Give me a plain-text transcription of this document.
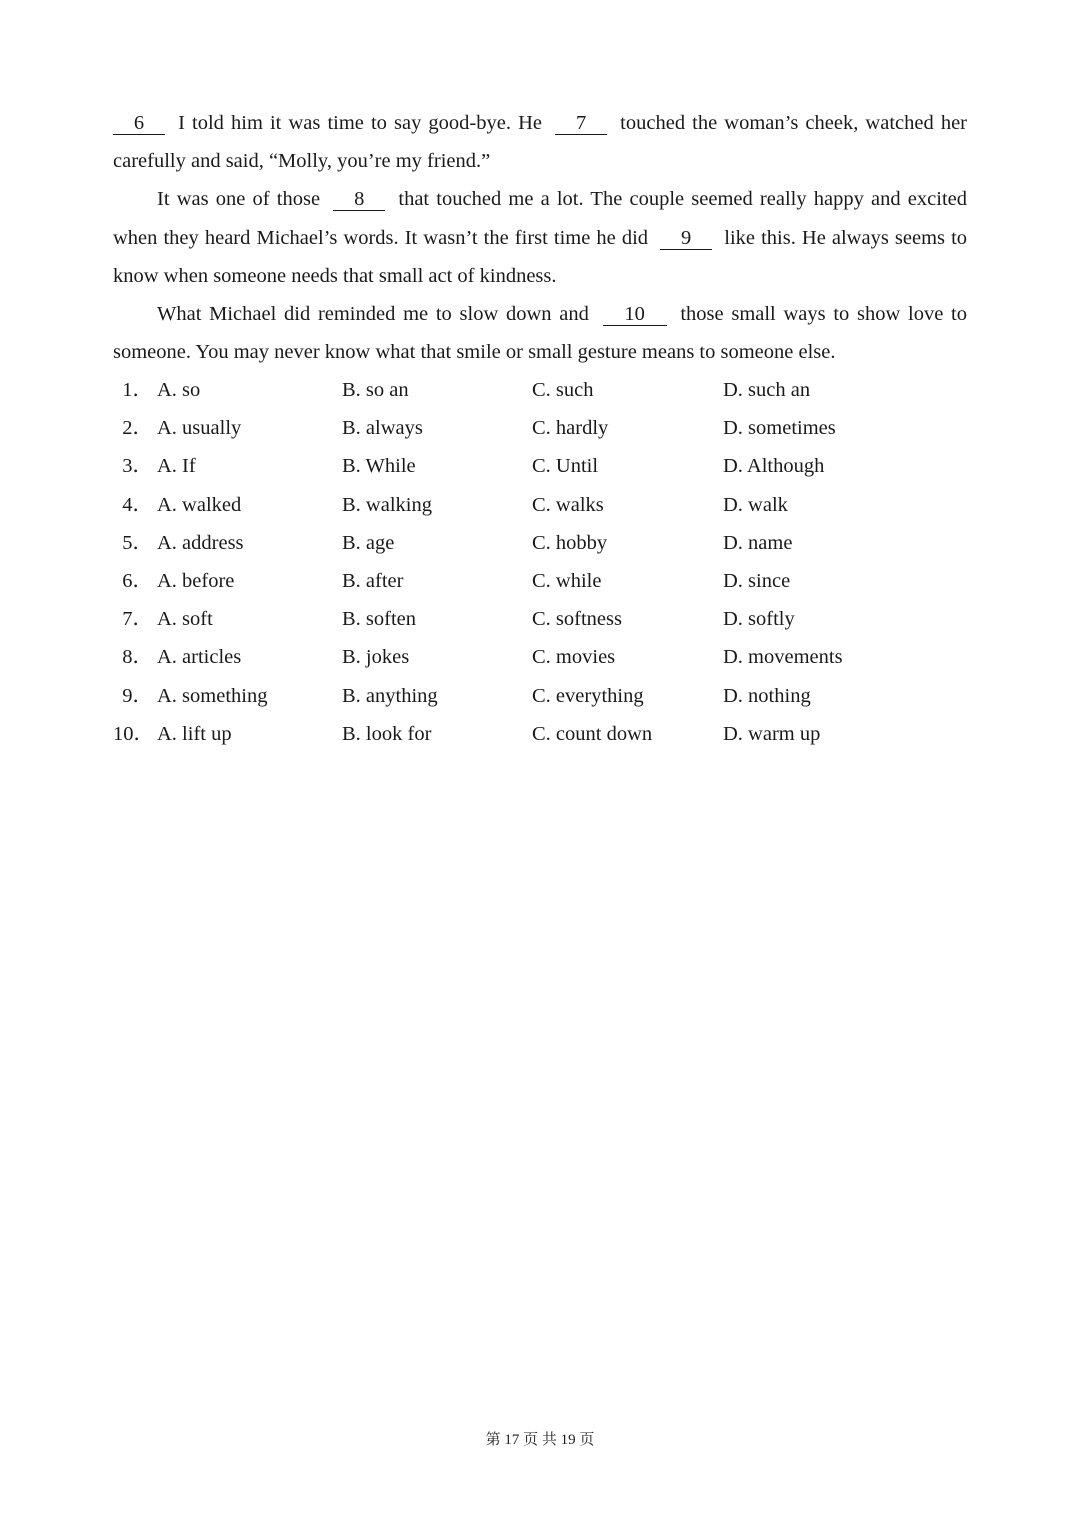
6 I told him it was time to say good-bye. He 7 touched the woman’s cheek, watched her carefully and said, “Molly, you’re my friend.”

It was one of those 8 that touched me a lot. The couple seemed really happy and excited when they heard Michael’s words. It wasn’t the first time he did 9 like this. He always seems to know when someone needs that small act of kindness.

What Michael did reminded me to slow down and 10 those small ways to show love to someone. You may never know what that smile or small gesture means to someone else.

1． A. so	B. so an	C. such	D. such an
2． A. usually	B. always	C. hardly	D. sometimes
3． A. If	B. While	C. Until	D. Although
4． A. walked	B. walking	C. walks	D. walk
5． A. address	B. age	C. hobby	D. name
6． A. before	B. after	C. while	D. since
7． A. soft	B. soften	C. softness	D. softly
8． A. articles	B. jokes	C. movies	D. movements
9． A. something	B. anything	C. everything	D. nothing
10． A. lift up	B. look for	C. count down	D. warm up
第 17 页 共 19 页
